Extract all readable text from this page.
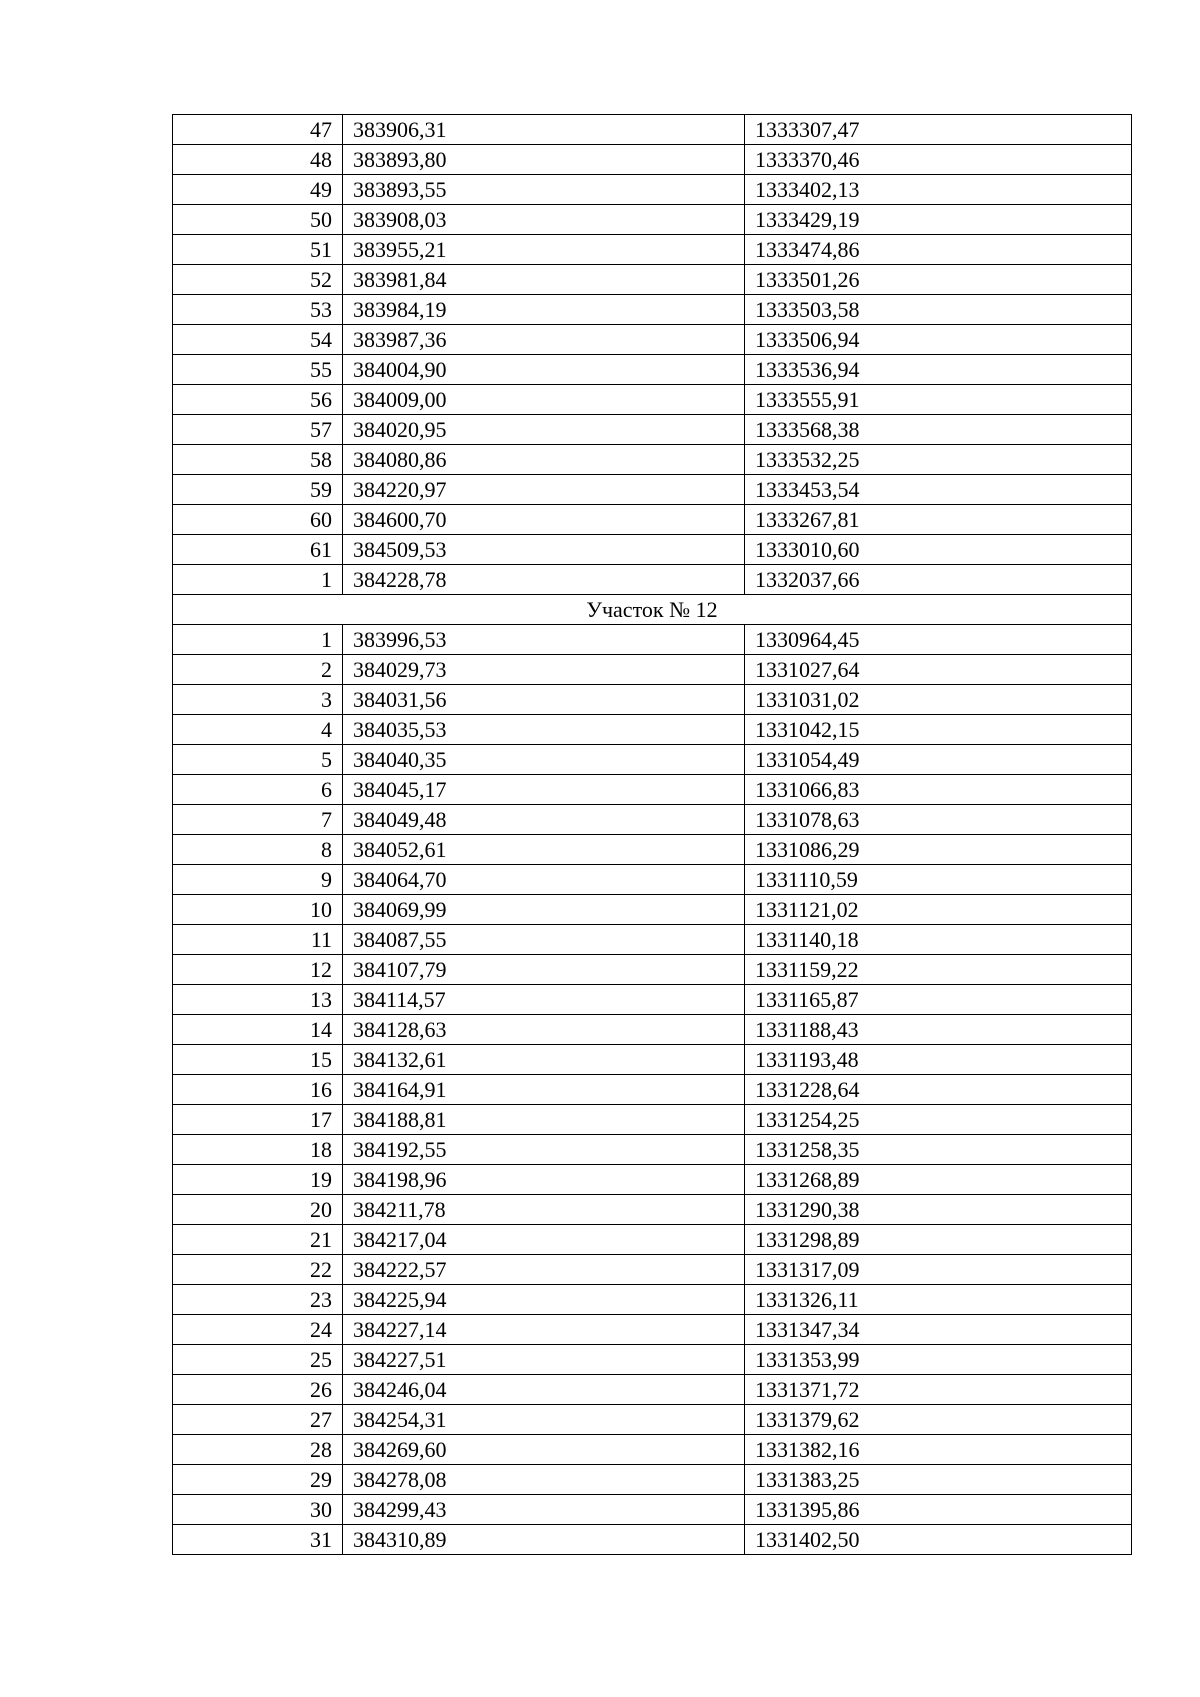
47	383906,31	1333307,47
48	383893,80	1333370,46
49	383893,55	1333402,13
50	383908,03	1333429,19
51	383955,21	1333474,86
52	383981,84	1333501,26
53	383984,19	1333503,58
54	383987,36	1333506,94
55	384004,90	1333536,94
56	384009,00	1333555,91
57	384020,95	1333568,38
58	384080,86	1333532,25
59	384220,97	1333453,54
60	384600,70	1333267,81
61	384509,53	1333010,60
1	384228,78	1332037,66
Участок № 12		
1	383996,53	1330964,45
2	384029,73	1331027,64
3	384031,56	1331031,02
4	384035,53	1331042,15
5	384040,35	1331054,49
6	384045,17	1331066,83
7	384049,48	1331078,63
8	384052,61	1331086,29
9	384064,70	1331110,59
10	384069,99	1331121,02
11	384087,55	1331140,18
12	384107,79	1331159,22
13	384114,57	1331165,87
14	384128,63	1331188,43
15	384132,61	1331193,48
16	384164,91	1331228,64
17	384188,81	1331254,25
18	384192,55	1331258,35
19	384198,96	1331268,89
20	384211,78	1331290,38
21	384217,04	1331298,89
22	384222,57	1331317,09
23	384225,94	1331326,11
24	384227,14	1331347,34
25	384227,51	1331353,99
26	384246,04	1331371,72
27	384254,31	1331379,62
28	384269,60	1331382,16
29	384278,08	1331383,25
30	384299,43	1331395,86
31	384310,89	1331402,50
